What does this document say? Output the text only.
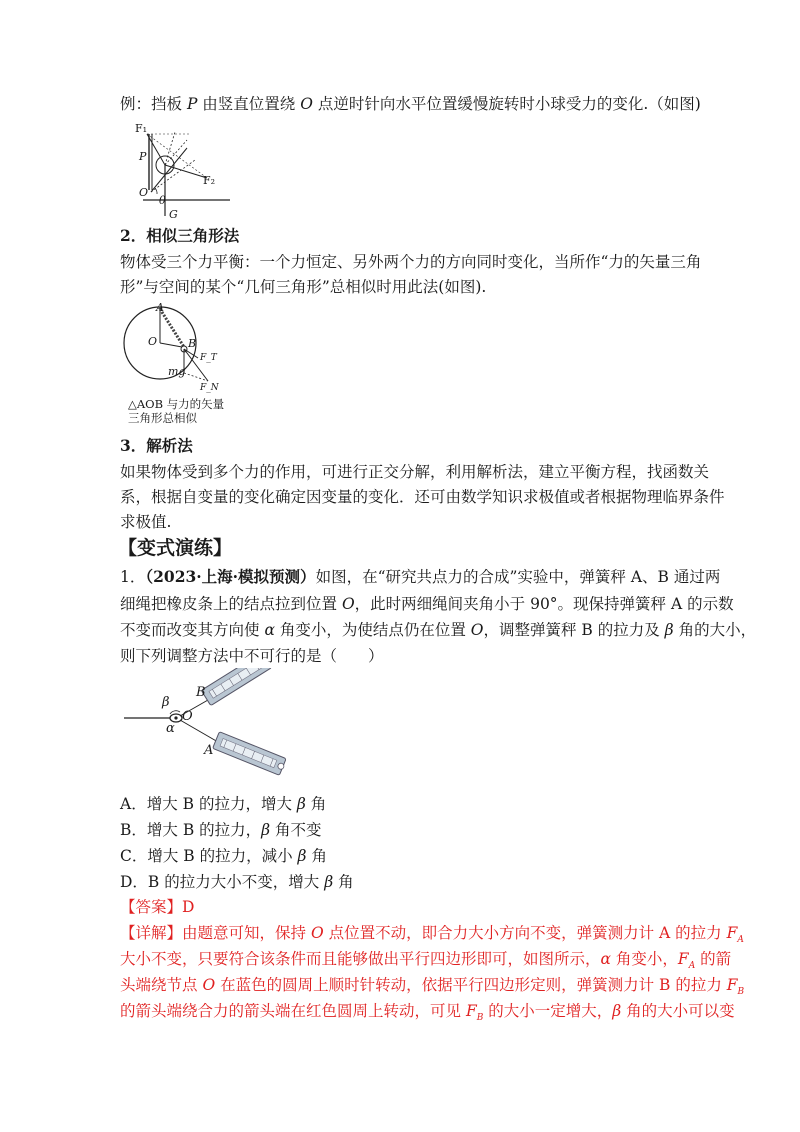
例：挡板 P 由竖直位置绕 O 点逆时针向水平位置缓慢旋转时小球受力的变化.（如图)
F₁
F₂
P
O
θ
G
2．相似三角形法
物体受三个力平衡：一个力恒定、另外两个力的方向同时变化，当所作“力的矢量三角
形”与空间的某个“几何三角形”总相似时用此法(如图).
A
O	B
F_T
mg
F_N
△AOB 与力的矢量
三角形总相似
3．解析法
如果物体受到多个力的作用，可进行正交分解，利用解析法，建立平衡方程，找函数关
系，根据自变量的变化确定因变量的变化．还可由数学知识求极值或者根据物理临界条件
求极值.
【变式演练】
1．（2023·上海·模拟预测）如图，在“研究共点力的合成”实验中，弹簧秤 A、B 通过两
细绳把橡皮条上的结点拉到位置 O，此时两细绳间夹角小于 90°。现保持弹簧秤 A 的示数
不变而改变其方向使 α 角变小，为使结点仍在位置 O，调整弹簧秤 B 的拉力及 β 角的大小，
则下列调整方法中不可行的是（　　）
B
β
O
α
A
A．增大 B 的拉力，增大 β 角
B．增大 B 的拉力，β 角不变
C．增大 B 的拉力，减小 β 角
D．B 的拉力大小不变，增大 β 角
【答案】D
【详解】由题意可知，保持 O 点位置不动，即合力大小方向不变，弹簧测力计 A 的拉力 $F_A$
大小不变，只要符合该条件而且能够做出平行四边形即可，如图所示，α 角变小，$F_A$ 的箭
头端绕节点 O 在蓝色的圆周上顺时针转动，依据平行四边形定则，弹簧测力计 B 的拉力 $F_B$
的箭头端绕合力的箭头端在红色圆周上转动，可见 $F_B$ 的大小一定增大，β 角的大小可以变
